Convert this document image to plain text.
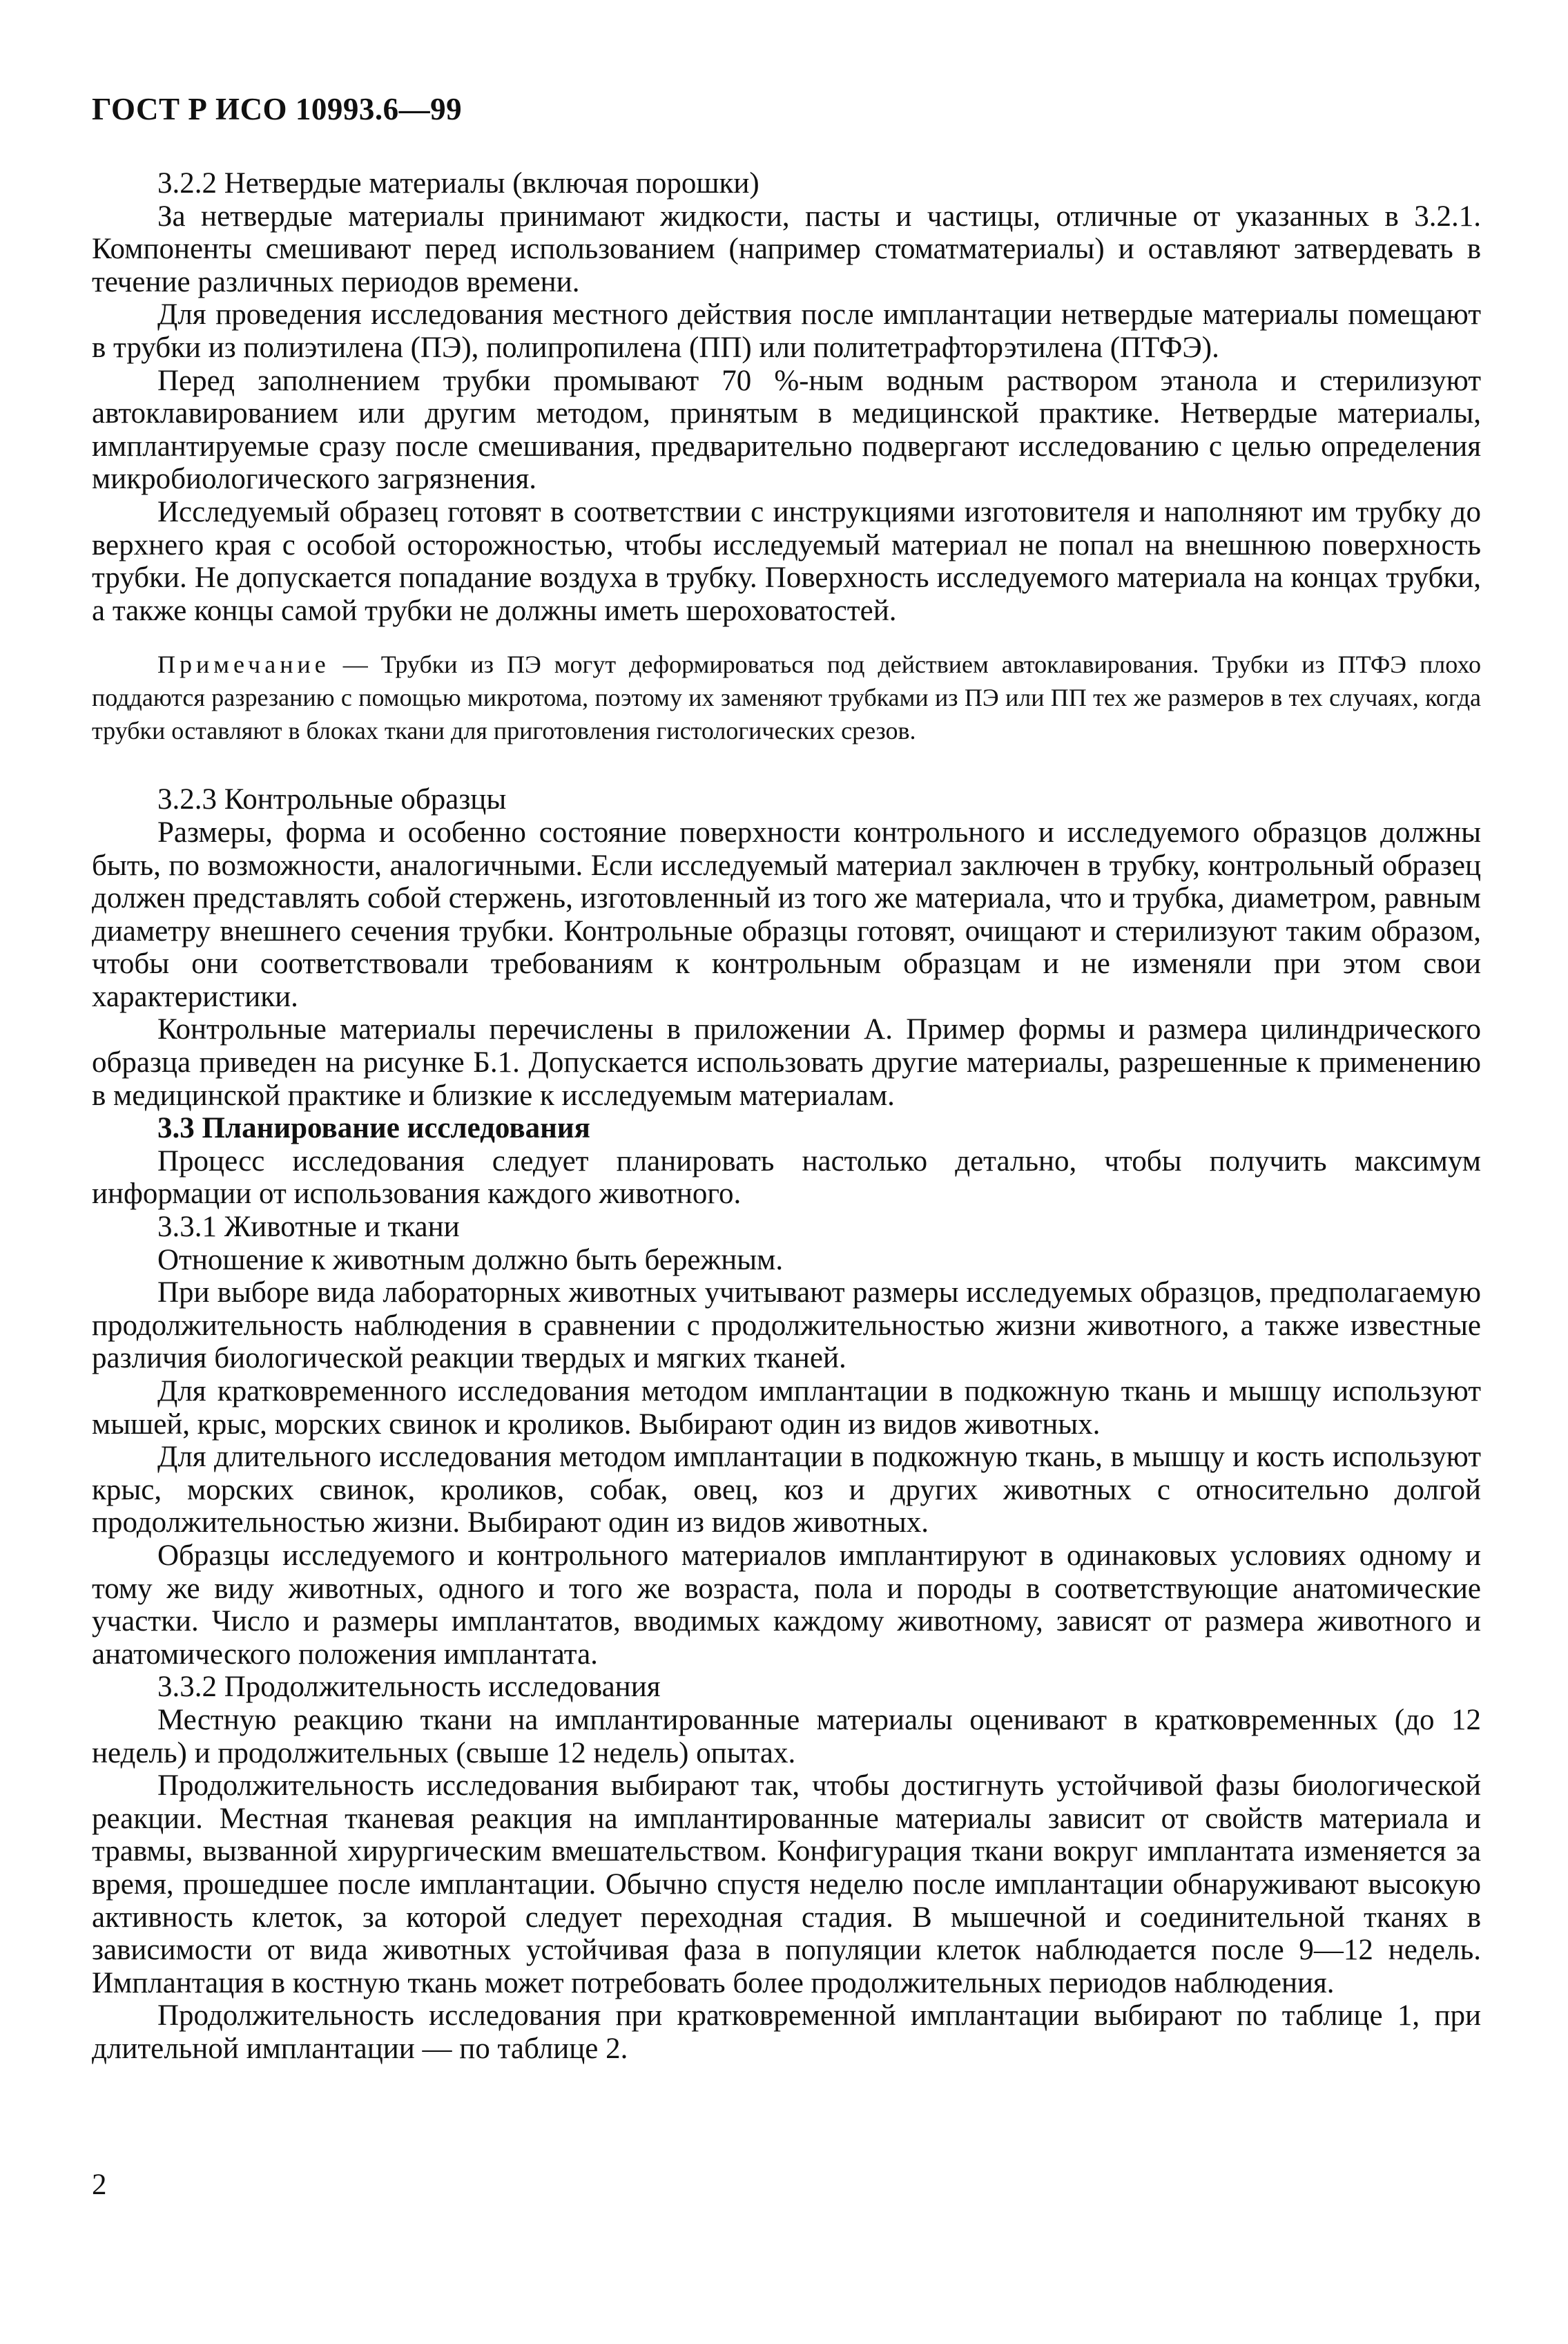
ГОСТ Р ИСО 10993.6—99
3.2.2 Нетвердые материалы (включая порошки)

За нетвердые материалы принимают жидкости, пасты и частицы, отличные от указанных в 3.2.1. Компоненты смешивают перед использованием (например стоматматериалы) и оставляют затвердевать в течение различных периодов времени.

Для проведения исследования местного действия после имплантации нетвердые материалы помещают в трубки из полиэтилена (ПЭ), полипропилена (ПП) или политетрафторэтилена (ПТФЭ).

Перед заполнением трубки промывают 70 %-ным водным раствором этанола и стерилизуют автоклавированием или другим методом, принятым в медицинской практике. Нетвердые материалы, имплантируемые сразу после смешивания, предварительно подвергают исследованию с целью определения микробиологического загрязнения.

Исследуемый образец готовят в соответствии с инструкциями изготовителя и наполняют им трубку до верхнего края с особой осторожностью, чтобы исследуемый материал не попал на внешнюю поверхность трубки. Не допускается попадание воздуха в трубку. Поверхность исследуемого материала на концах трубки, а также концы самой трубки не должны иметь шероховатостей.

Примечание — Трубки из ПЭ могут деформироваться под действием автоклавирования. Трубки из ПТФЭ плохо поддаются разрезанию с помощью микротома, поэтому их заменяют трубками из ПЭ или ПП тех же размеров в тех случаях, когда трубки оставляют в блоках ткани для приготовления гистологических срезов.

3.2.3 Контрольные образцы

Размеры, форма и особенно состояние поверхности контрольного и исследуемого образцов должны быть, по возможности, аналогичными. Если исследуемый материал заключен в трубку, контрольный образец должен представлять собой стержень, изготовленный из того же материала, что и трубка, диаметром, равным диаметру внешнего сечения трубки. Контрольные образцы готовят, очищают и стерилизуют таким образом, чтобы они соответствовали требованиям к контрольным образцам и не изменяли при этом свои характеристики.

Контрольные материалы перечислены в приложении А. Пример формы и размера цилиндрического образца приведен на рисунке Б.1. Допускается использовать другие материалы, разрешенные к применению в медицинской практике и близкие к исследуемым материалам.

3.3 Планирование исследования

Процесс исследования следует планировать настолько детально, чтобы получить максимум информации от использования каждого животного.

3.3.1 Животные и ткани

Отношение к животным должно быть бережным.

При выборе вида лабораторных животных учитывают размеры исследуемых образцов, предполагаемую продолжительность наблюдения в сравнении с продолжительностью жизни животного, а также известные различия биологической реакции твердых и мягких тканей.

Для кратковременного исследования методом имплантации в подкожную ткань и мышцу используют мышей, крыс, морских свинок и кроликов. Выбирают один из видов животных.

Для длительного исследования методом имплантации в подкожную ткань, в мышцу и кость используют крыс, морских свинок, кроликов, собак, овец, коз и других животных с относительно долгой продолжительностью жизни. Выбирают один из видов животных.

Образцы исследуемого и контрольного материалов имплантируют в одинаковых условиях одному и тому же виду животных, одного и того же возраста, пола и породы в соответствующие анатомические участки. Число и размеры имплантатов, вводимых каждому животному, зависят от размера животного и анатомического положения имплантата.

3.3.2 Продолжительность исследования

Местную реакцию ткани на имплантированные материалы оценивают в кратковременных (до 12 недель) и продолжительных (свыше 12 недель) опытах.

Продолжительность исследования выбирают так, чтобы достигнуть устойчивой фазы биологической реакции. Местная тканевая реакция на имплантированные материалы зависит от свойств материала и травмы, вызванной хирургическим вмешательством. Конфигурация ткани вокруг имплантата изменяется за время, прошедшее после имплантации. Обычно спустя неделю после имплантации обнаруживают высокую активность клеток, за которой следует переходная стадия. В мышечной и соединительной тканях в зависимости от вида животных устойчивая фаза в популяции клеток наблюдается после 9—12 недель. Имплантация в костную ткань может потребовать более продолжительных периодов наблюдения.

Продолжительность исследования при кратковременной имплантации выбирают по таблице 1, при длительной имплантации — по таблице 2.

2
